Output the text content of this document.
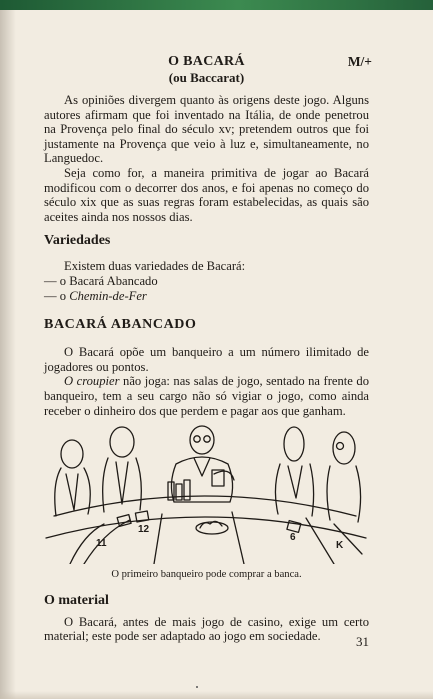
O BACARÁ
(ou Baccarat)
M/+

As opiniões divergem quanto às origens deste jogo. Alguns autores afirmam que foi inventado na Itália, de onde penetrou na Provença pelo final do século xv; pretendem outros que foi justamente na Provença que veio à luz e, simultaneamente, no Languedoc.

Seja como for, a maneira primitiva de jogar ao Bacará modificou com o decorrer dos anos, e foi apenas no começo do século xix que as suas regras foram estabelecidas, as quais são aceites ainda nos nossos dias.

Variedades
Existem duas variedades de Bacará:
— o Bacará Abancado
— o Chemin-de-Fer
BACARÁ ABANCADO

O Bacará opõe um banqueiro a um número ilimitado de jogadores ou pontos.

O croupier não joga: nas salas de jogo, sentado na frente do banqueiro, tem a seu cargo não só vigiar o jogo, como ainda receber o dinheiro dos que perdem e pagar aos que ganham.

12
11
6
K
O primeiro banqueiro pode comprar a banca.
O material

O Bacará, antes de mais jogo de casino, exige um certo material; este pode ser adaptado ao jogo em sociedade.	31
